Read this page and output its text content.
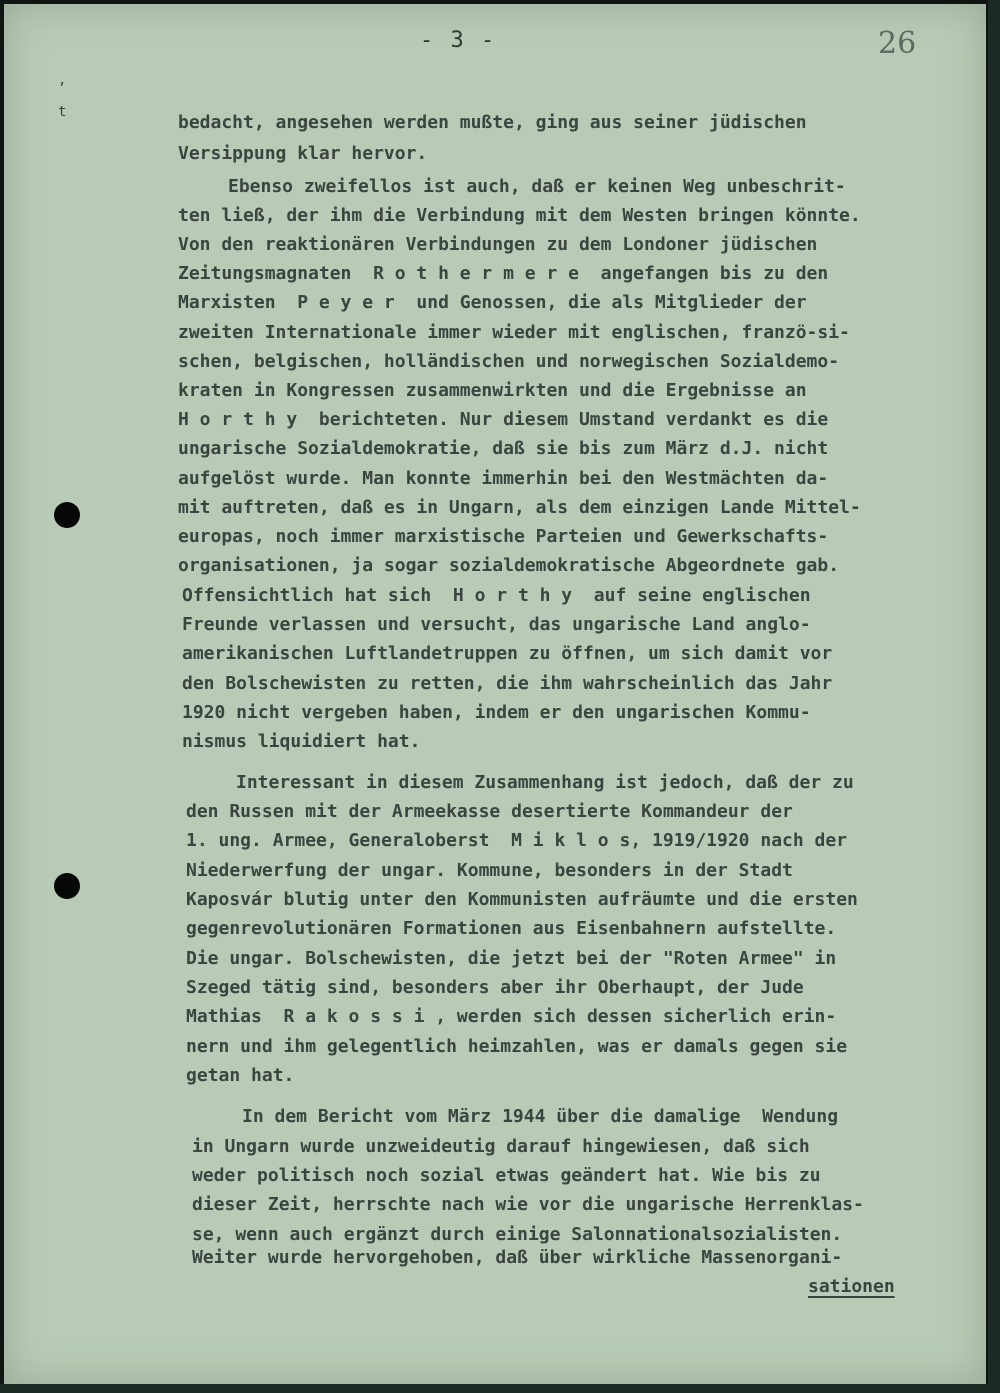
- 3 -	26
,
t	bedacht, angesehen werden mußte, ging aus seiner jüdischen
Versippung klar hervor.
Ebenso zweifellos ist auch, daß er keinen Weg unbeschrit-
ten ließ, der ihm die Verbindung mit dem Westen bringen könnte.
Von den reaktionären Verbindungen zu dem Londoner jüdischen
Zeitungsmagnaten  R o t h e r m e r e  angefangen bis zu den
Marxisten  P e y e r  und Genossen, die als Mitglieder der
zweiten Internationale immer wieder mit englischen, franzö-si-
schen, belgischen, holländischen und norwegischen Sozialdemo-
kraten in Kongressen zusammenwirkten und die Ergebnisse an
H o r t h y  berichteten. Nur diesem Umstand verdankt es die
ungarische Sozialdemokratie, daß sie bis zum März d.J. nicht
aufgelöst wurde. Man konnte immerhin bei den Westmächten da-
mit auftreten, daß es in Ungarn, als dem einzigen Lande Mittel-
europas, noch immer marxistische Parteien und Gewerkschafts-
organisationen, ja sogar sozialdemokratische Abgeordnete gab.
Offensichtlich hat sich  H o r t h y  auf seine englischen
Freunde verlassen und versucht, das ungarische Land anglo-
amerikanischen Luftlandetruppen zu öffnen, um sich damit vor
den Bolschewisten zu retten, die ihm wahrscheinlich das Jahr
1920 nicht vergeben haben, indem er den ungarischen Kommu-
nismus liquidiert hat.
Interessant in diesem Zusammenhang ist jedoch, daß der zu
den Russen mit der Armeekasse desertierte Kommandeur der
1. ung. Armee, Generaloberst  M i k l o s, 1919/1920 nach der
Niederwerfung der ungar. Kommune, besonders in der Stadt
Kaposvár blutig unter den Kommunisten aufräumte und die ersten
gegenrevolutionären Formationen aus Eisenbahnern aufstellte.
Die ungar. Bolschewisten, die jetzt bei der "Roten Armee" in
Szeged tätig sind, besonders aber ihr Oberhaupt, der Jude
Mathias  R a k o s s i , werden sich dessen sicherlich erin-
nern und ihm gelegentlich heimzahlen, was er damals gegen sie
getan hat.
In dem Bericht vom März 1944 über die damalige  Wendung
in Ungarn wurde unzweideutig darauf hingewiesen, daß sich
weder politisch noch sozial etwas geändert hat. Wie bis zu
dieser Zeit, herrschte nach wie vor die ungarische Herrenklas-
se, wenn auch ergänzt durch einige Salonnationalsozialisten.
Weiter wurde hervorgehoben, daß über wirkliche Massenorgani-
sationen
